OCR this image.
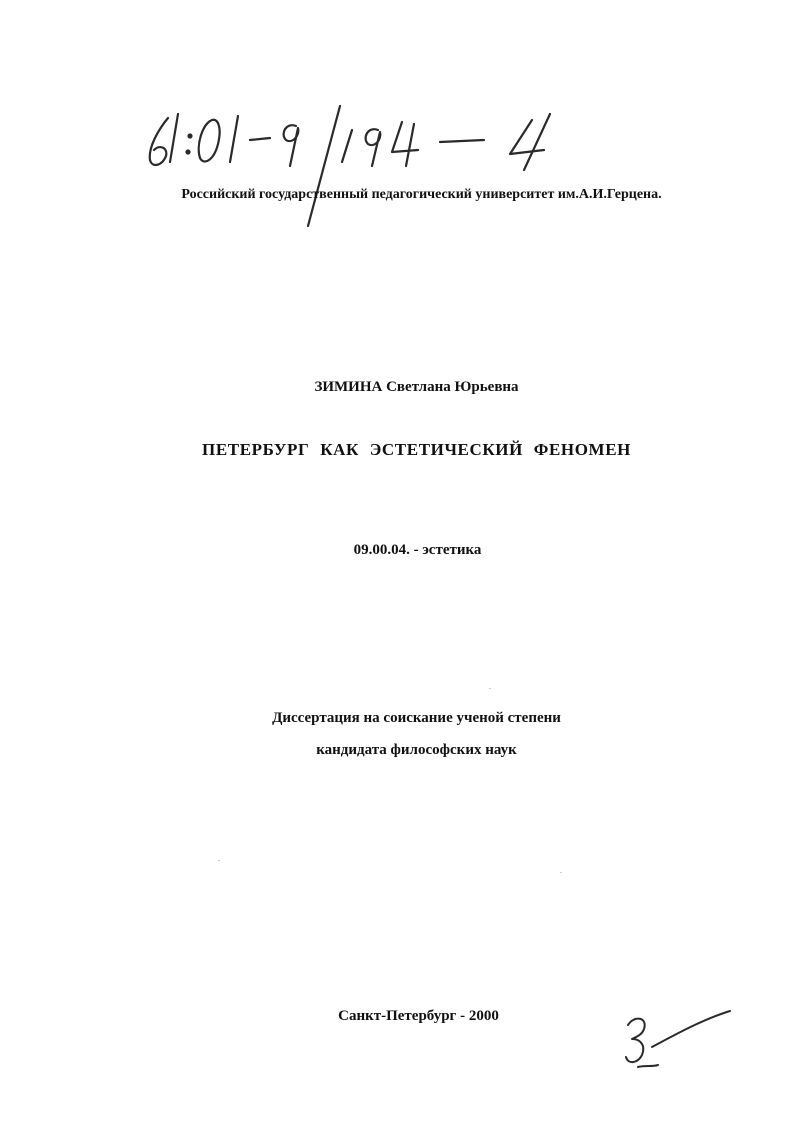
Российский государственный педагогический университет им.А.И.Герцена.
ЗИМИНА Светлана Юрьевна
ПЕТЕРБУРГ КАК ЭСТЕТИЧЕСКИЙ ФЕНОМЕН
09.00.04. - эстетика
Диссертация на соискание ученой степени
кандидата философских наук
Санкт-Петербург - 2000
